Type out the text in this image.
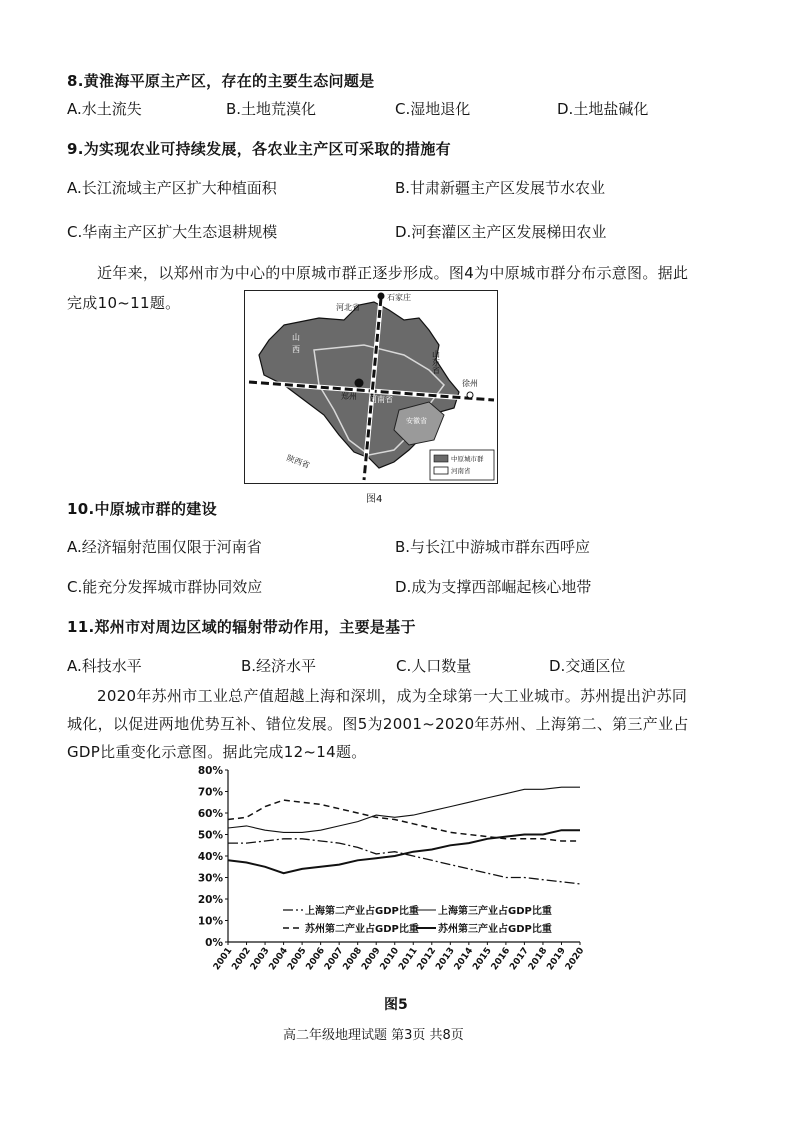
8.黄淮海平原主产区，存在的主要生态问题是
A.水土流失	B.土地荒漠化	C.湿地退化	D.土地盐碱化
9.为实现农业可持续发展，各农业主产区可采取的措施有
A.长江流域主产区扩大种植面积	B.甘肃新疆主产区发展节水农业
C.华南主产区扩大生态退耕规模	D.河套灌区主产区发展梯田农业
近年来，以郑州市为中心的中原城市群正逐步形成。图4为中原城市群分布示意图。据此
完成10~11题。	石家庄
河北省
山
西
山东省
徐州
郑州 河南省
安徽省
陕西省	中原城市群
河南省
图4
10.中原城市群的建设
A.经济辐射范围仅限于河南省	B.与长江中游城市群东西呼应
C.能充分发挥城市群协同效应	D.成为支撑西部崛起核心地带
11.郑州市对周边区域的辐射带动作用，主要是基于
A.科技水平	B.经济水平	C.人口数量	D.交通区位
2020年苏州市工业总产值超越上海和深圳，成为全球第一大工业城市。苏州提出沪苏同
城化，以促进两地优势互补、错位发展。图5为2001~2020年苏州、上海第二、第三产业占
GDP比重变化示意图。据此完成12~14题。
0%
10%
20%
30%
40%
50%
60%
70%
80%
2001
2002
2003
2004
2005
2006
2007
2008
2009
2010
2011
2012
2013
2014
2015
2016
2017
2018
2019
2020
上海第二产业占GDP比重 上海第三产业占GDP比重
苏州第二产业占GDP比重 苏州第三产业占GDP比重
图5
高二年级地理试题 第3页 共8页
